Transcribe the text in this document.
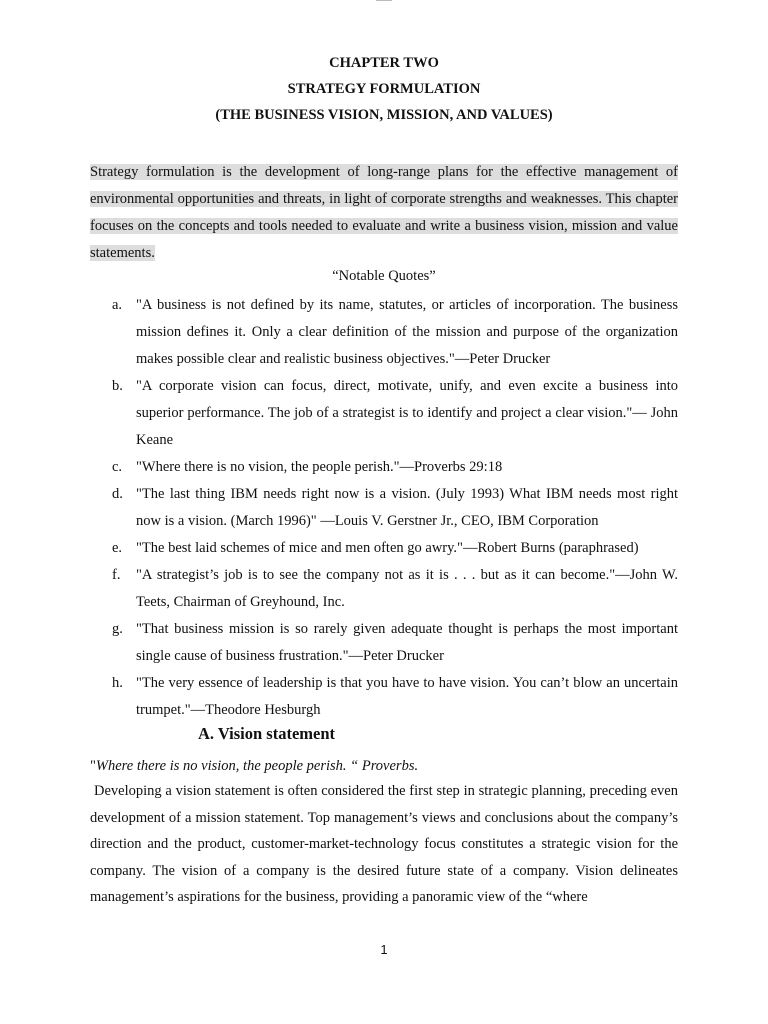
CHAPTER TWO
STRATEGY FORMULATION
(THE BUSINESS VISION, MISSION, AND VALUES)
Strategy formulation is the development of long-range plans for the effective management of environmental opportunities and threats, in light of corporate strengths and weaknesses. This chapter focuses on the concepts and tools needed to evaluate and write a business vision, mission and value statements.
“Notable Quotes”
a. "A business is not defined by its name, statutes, or articles of incorporation. The business mission defines it. Only a clear definition of the mission and purpose of the organization makes possible clear and realistic business objectives."—Peter Drucker
b. "A corporate vision can focus, direct, motivate, unify, and even excite a business into superior performance. The job of a strategist is to identify and project a clear vision."— John Keane
c. "Where there is no vision, the people perish."—Proverbs 29:18
d. "The last thing IBM needs right now is a vision. (July 1993) What IBM needs most right now is a vision. (March 1996)" —Louis V. Gerstner Jr., CEO, IBM Corporation
e. "The best laid schemes of mice and men often go awry."—Robert Burns (paraphrased)
f. "A strategist’s job is to see the company not as it is . . . but as it can become."—John W. Teets, Chairman of Greyhound, Inc.
g. "That business mission is so rarely given adequate thought is perhaps the most important single cause of business frustration."—Peter Drucker
h. "The very essence of leadership is that you have to have vision. You can’t blow an uncertain trumpet."—Theodore Hesburgh
A. Vision statement
"Where there is no vision, the people perish. “ Proverbs.
Developing a vision statement is often considered the first step in strategic planning, preceding even development of a mission statement. Top management’s views and conclusions about the company’s direction and the product, customer-market-technology focus constitutes a strategic vision for the company. The vision of a company is the desired future state of a company. Vision delineates management’s aspirations for the business, providing a panoramic view of the “where
1
